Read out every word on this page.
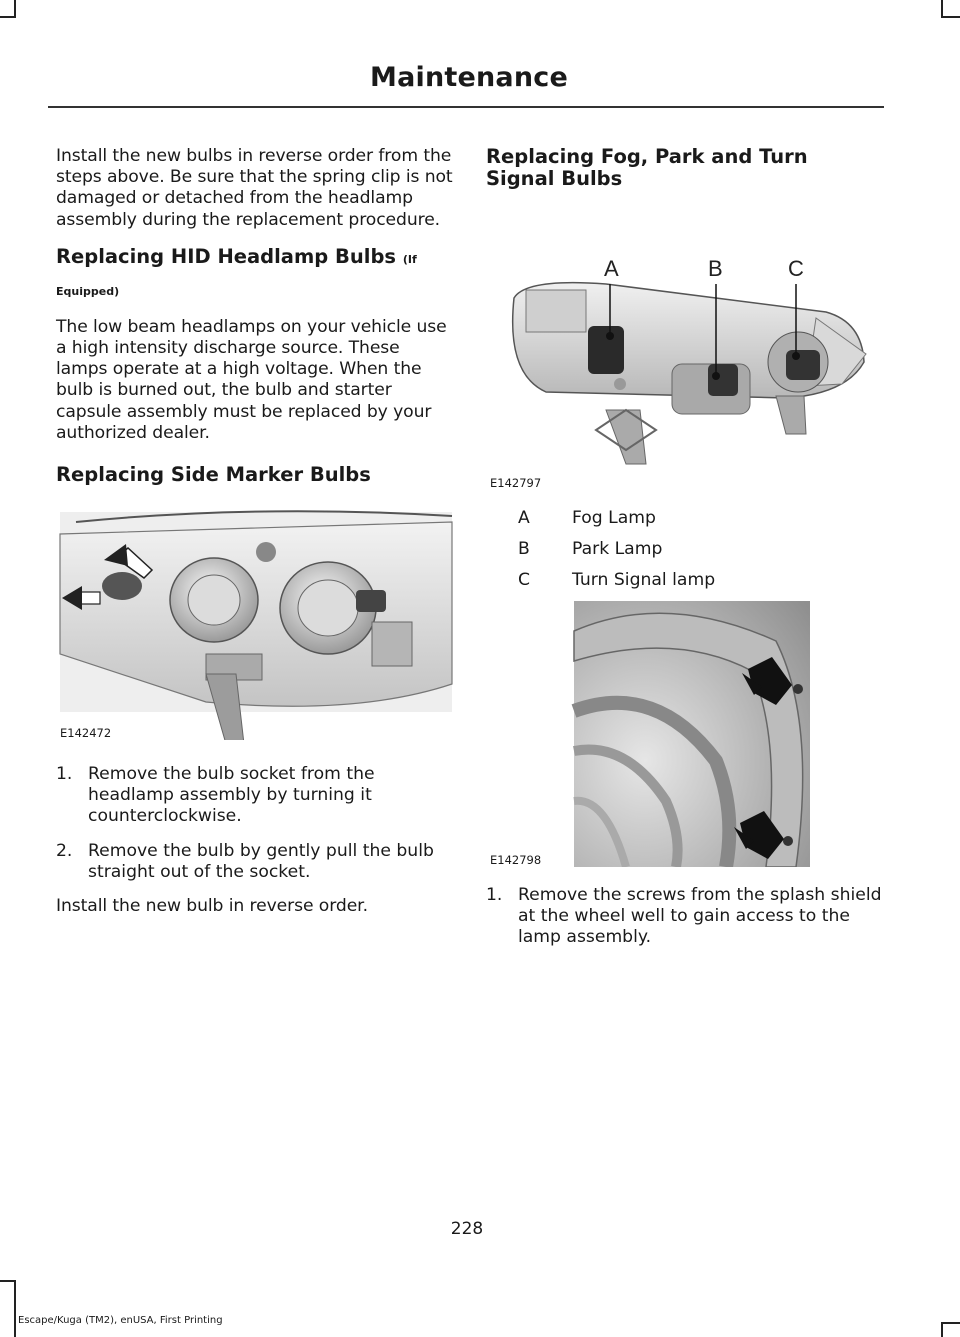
Maintenance

Install the new bulbs in reverse order from the steps above. Be sure that the spring clip is not damaged or detached from the headlamp assembly during the replacement procedure.

Replacing HID Headlamp Bulbs (If
Equipped)

The low beam headlamps on your vehicle use a high intensity discharge source. These lamps operate at a high voltage. When the bulb is burned out, the bulb and starter capsule assembly must be replaced by your authorized dealer.

Replacing Side Marker Bulbs
E142472
1. Remove the bulb socket from the headlamp assembly by turning it counterclockwise.
2. Remove the bulb by gently pull the bulb straight out of the socket.

Install the new bulb in reverse order.

Replacing Fog, Park and Turn
Signal Bulbs
A	B	C
E142797
A	Fog Lamp
B	Park Lamp
C	Turn Signal lamp
E142798
1. Remove the screws from the splash shield at the wheel well to gain access to the lamp assembly.
228
Escape/Kuga (TM2), enUSA, First Printing
